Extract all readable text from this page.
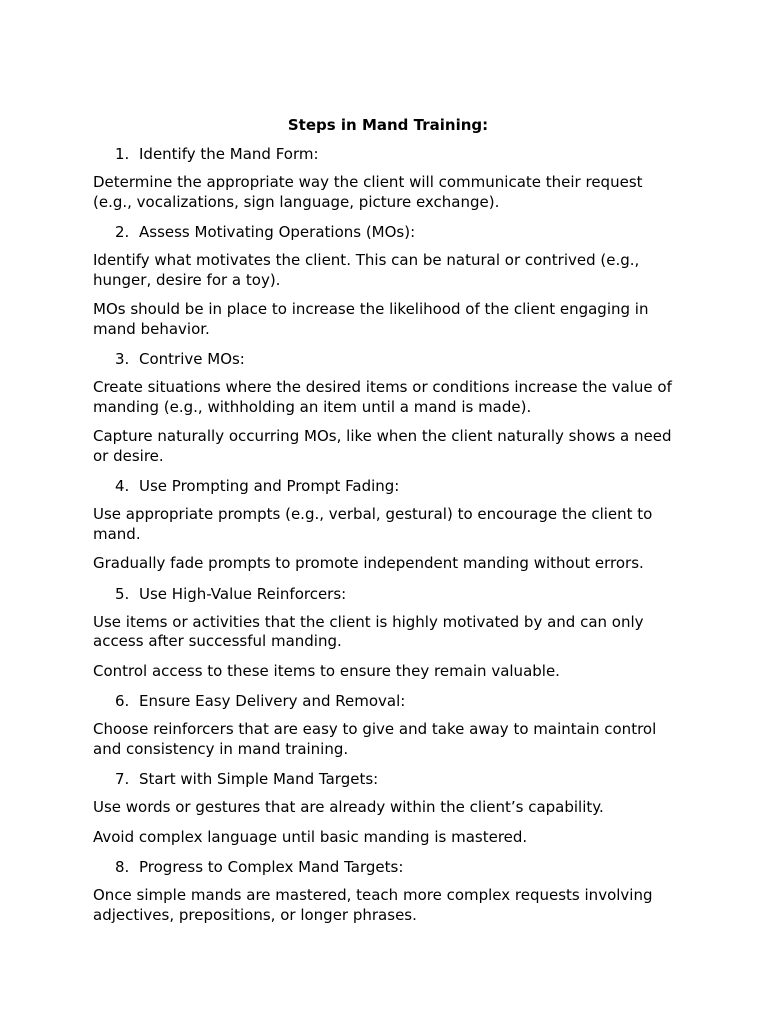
Steps in Mand Training:
1. Identify the Mand Form:

Determine the appropriate way the client will communicate their request (e.g., vocalizations, sign language, picture exchange).

2. Assess Motivating Operations (MOs):

Identify what motivates the client. This can be natural or contrived (e.g., hunger, desire for a toy).

MOs should be in place to increase the likelihood of the client engaging in mand behavior.

3. Contrive MOs:

Create situations where the desired items or conditions increase the value of manding (e.g., withholding an item until a mand is made).

Capture naturally occurring MOs, like when the client naturally shows a need or desire.

4. Use Prompting and Prompt Fading:

Use appropriate prompts (e.g., verbal, gestural) to encourage the client to mand.

Gradually fade prompts to promote independent manding without errors.

5. Use High-Value Reinforcers:

Use items or activities that the client is highly motivated by and can only access after successful manding.

Control access to these items to ensure they remain valuable.

6. Ensure Easy Delivery and Removal:

Choose reinforcers that are easy to give and take away to maintain control and consistency in mand training.

7. Start with Simple Mand Targets:

Use words or gestures that are already within the client’s capability.

Avoid complex language until basic manding is mastered.

8. Progress to Complex Mand Targets:

Once simple mands are mastered, teach more complex requests involving adjectives, prepositions, or longer phrases.
